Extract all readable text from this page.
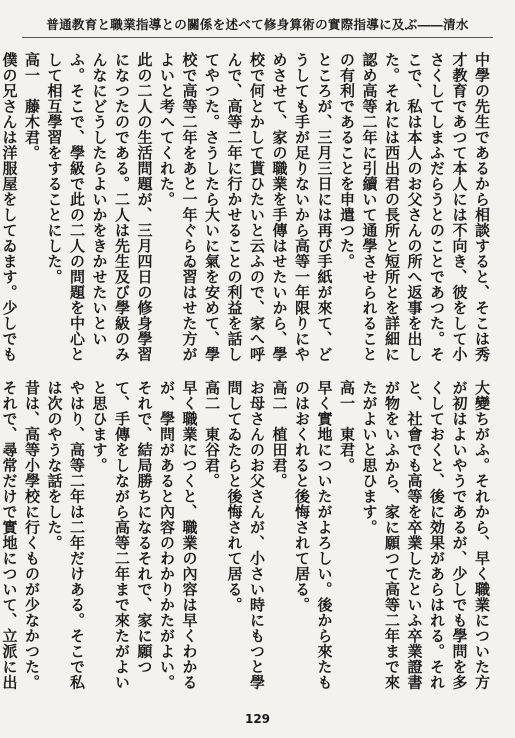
普通教育と職業指導との關係を述べて修身算術の實際指導に及ぶ――清水

中學の先生であるから相談すると、そこは秀才教育であつて本人には不向き、彼をして小さくしてしまふだらうとのことであつた。そこで、私は本人のお父さんの所へ返事を出した。それには西出君の長所と短所とを詳細に認め高等二年に引續いて通學させられることの有利であることを申遣つた。

ところが、三月三日には再び手紙が來て、どうしても手が足りないから高等一年限りにやめさせて、家の職業を手傳はせたいから、學校で何とかして貰ひたいと云ふので、家へ呼んで、高等二年に行かせることの利益を話してやつた。さうしたら大いに氣を安めて、學校で高等二年をあと一年ぐらゐ習はせた方がよいと考へてくれた。

此の二人の生活問題が、三月四日の修身學習になつたのである。二人は先生及び學級のみんなにどうしたらよいかをきかせたいといふ。そこで、學級で此の二人の問題を中心として相互學習をすることにした。

高一　藤木君。

僕の兄さんは洋服屋をしてゐます。少しでも

大變ちがふ。それから、早く職業についた方が初はよいやうであるが、少しでも學問を多くしておくと、後に効果があらはれる。それと、社會でも高等を卒業したといふ卒業證書が物をいふから、家に願つて高等二年まで來たがよいと思ひます。

高一　東君。

早く實地についたがよろしい。後から來たものはおくれると後悔されて居る。

高二　植田君。

お母さんのお父さんが、小さい時にもつと學問してゐたらと後悔されて居る。

高二　東谷君。

早く職業につくと、職業の內容は早くわかるが、學問があると內容のわかりかたがよい。それで、結局勝ちになるそれで、家に願つて、手傳をしながら高等二年まで來たがよいと思ひます。

やはり、高等二年は二年だけある。そこで私は次のやうな話をした。

昔は、高等小學校に行くものが少なかつた。それで、尋常だけで實地について、立派に出

129
